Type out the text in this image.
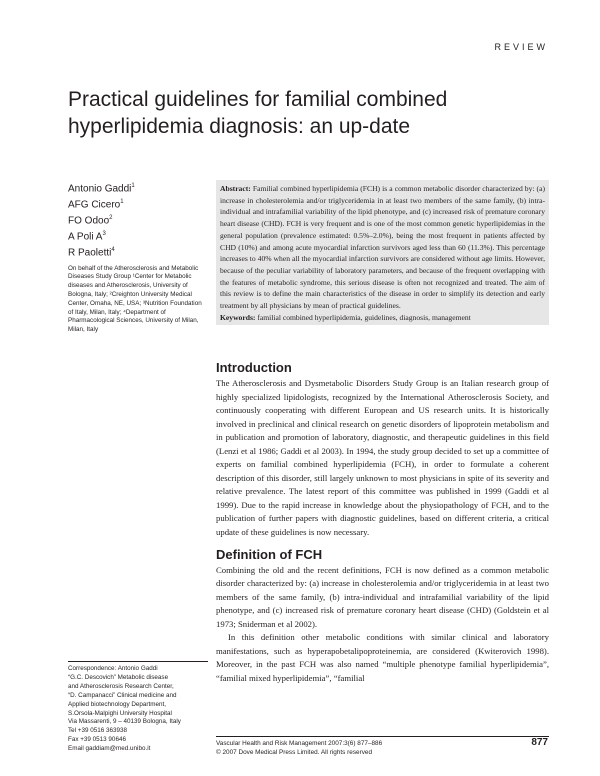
REVIEW
Practical guidelines for familial combined
hyperlipidemia diagnosis: an up-date
Antonio Gaddi$^1$
AFG Cicero$^1$
FO Odoo$^2$
A Poli $A^3$
R Paoletti$^4$
On behalf of the Atherosclerosis and Metabolic Diseases Study Group ¹Center for Metabolic diseases and Atherosclerosis, University of Bologna, Italy; ²Creighton University Medical Center, Omaha, NE, USA; ³Nutrition Foundation of Italy, Milan, Italy; ⁴Department of Pharmacological Sciences, University of Milan, Milan, Italy
Correspondence: Antonio Gaddi
“G.C. Descovich” Metabolic disease
and Atherosclerosis Research Center,
“D. Campanacci” Clinical medicine and
Applied biotechnology Department,
S.Orsola-Malpighi University Hospital
Via Massarenti, 9 – 40139 Bologna, Italy
Tel +39 0516 363938
Fax +39 0513 90646
Email gaddiam@med.unibo.it
Abstract: Familial combined hyperlipidemia (FCH) is a common metabolic disorder characterized by: (a) increase in cholesterolemia and/or triglyceridemia in at least two members of the same family, (b) intra-individual and intrafamilial variability of the lipid phenotype, and (c) increased risk of premature coronary heart disease (CHD). FCH is very frequent and is one of the most common genetic hyperlipidemias in the general population (prevalence estimated: 0.5%–2.0%), being the most frequent in patients affected by CHD (10%) and among acute myocardial infarction survivors aged less than 60 (11.3%). This percentage increases to 40% when all the myocardial infarction survivors are considered without age limits. However, because of the peculiar variability of laboratory parameters, and because of the frequent overlapping with the features of metabolic syndrome, this serious disease is often not recognized and treated. The aim of this review is to define the main characteristics of the disease in order to simplify its detection and early treatment by all physicians by mean of practical guidelines.
Keywords: familial combined hyperlipidemia, guidelines, diagnosis, management
Introduction

The Atherosclerosis and Dysmetabolic Disorders Study Group is an Italian research group of highly specialized lipidologists, recognized by the International Atherosclerosis Society, and continuously cooperating with different European and US research units. It is historically involved in preclinical and clinical research on genetic disorders of lipoprotein metabolism and in publication and promotion of laboratory, diagnostic, and therapeutic guidelines in this field (Lenzi et al 1986; Gaddi et al 2003). In 1994, the study group decided to set up a committee of experts on familial combined hyperlipidemia (FCH), in order to formulate a coherent description of this disorder, still largely unknown to most physicians in spite of its severity and relative prevalence. The latest report of this committee was published in 1999 (Gaddi et al 1999). Due to the rapid increase in knowledge about the physiopathology of FCH, and to the publication of further papers with diagnostic guidelines, based on different criteria, a critical update of these guidelines is now necessary.

Definition of FCH

Combining the old and the recent definitions, FCH is now defined as a common metabolic disorder characterized by: (a) increase in cholesterolemia and/or triglyceridemia in at least two members of the same family, (b) intra-individual and intrafamilial variability of the lipid phenotype, and (c) increased risk of premature coronary heart disease (CHD) (Goldstein et al 1973; Sniderman et al 2002).

In this definition other metabolic conditions with similar clinical and laboratory manifestations, such as hyperapobetalipoproteinemia, are considered (Kwiterovich 1998). Moreover, in the past FCH was also named “multiple phenotype familial hyperlipidemia”, “familial mixed hyperlipidemia”, “familial

Vascular Health and Risk Management 2007:3(6) 877–886
© 2007 Dove Medical Press Limited. All rights reserved
877
